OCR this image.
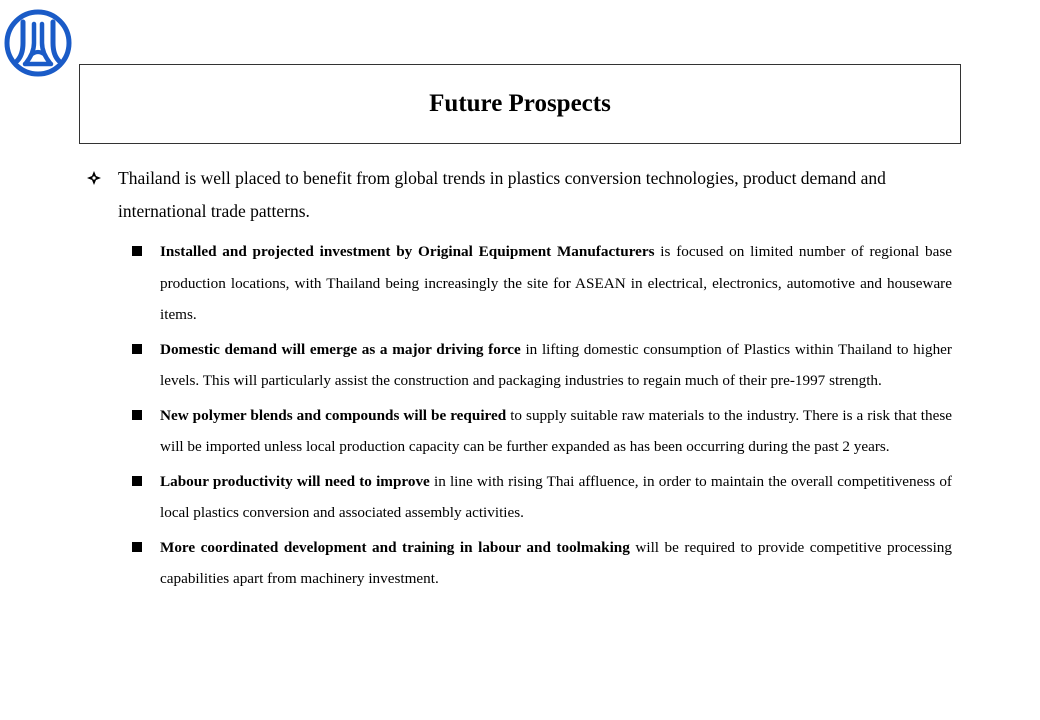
Future Prospects
Thailand is well placed to benefit from global trends in plastics conversion technologies, product demand and international trade patterns.
Installed and projected investment by Original Equipment Manufacturers is focused on limited number of regional base production locations, with Thailand being increasingly the site for ASEAN in electrical, electronics, automotive and houseware items.
Domestic demand will emerge as a major driving force in lifting domestic consumption of Plastics within Thailand to higher levels. This will particularly assist the construction and packaging industries to regain much of their pre-1997 strength.
New polymer blends and compounds will be required to supply suitable raw materials to the industry. There is a risk that these will be imported unless local production capacity can be further expanded as has been occurring during the past 2 years.
Labour productivity will need to improve in line with rising Thai affluence, in order to maintain the overall competitiveness of local plastics conversion and associated assembly activities.
More coordinated development and training in labour and toolmaking will be required to provide competitive processing capabilities apart from machinery investment.
